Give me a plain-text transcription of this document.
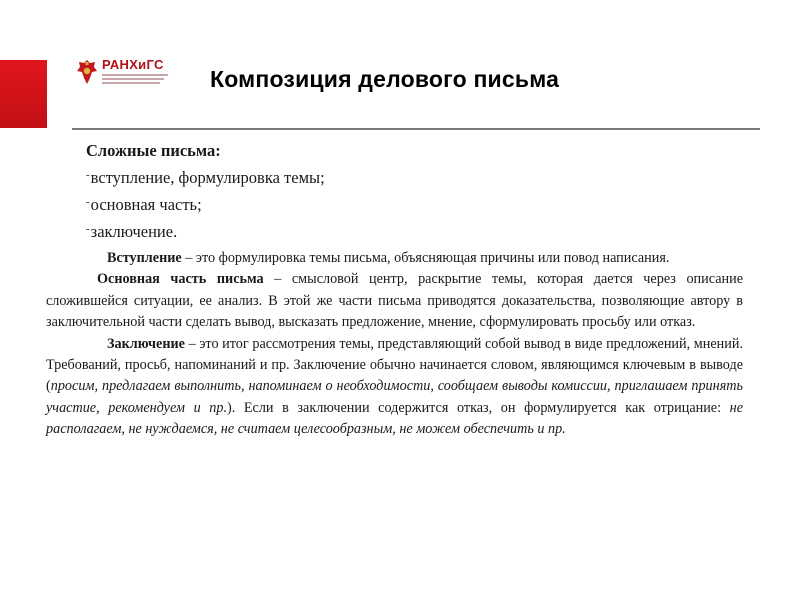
РАНХиГС
Композиция делового письма
Сложные письма:
-вступление, формулировка темы;
-основная часть;
-заключение.

Вступление – это формулировка темы письма, объясняющая причины или повод написания.

Основная часть письма – смысловой центр, раскрытие темы, которая дается через описание сложившейся ситуации, ее анализ. В этой же части письма приводятся доказательства, позволяющие автору в заключительной части сделать вывод, высказать предложение, мнение, сформулировать просьбу или отказ.

Заключение – это итог рассмотрения темы, представляющий собой вывод в виде предложений, мнений. Требований, просьб, напоминаний и пр. Заключение обычно начинается словом, являющимся ключевым в выводе (просим, предлагаем выполнить, напоминаем о необходимости, сообщаем выводы комиссии, приглашаем принять участие, рекомендуем и пр.). Если в заключении содержится отказ, он формулируется как отрицание: не располагаем, не нуждаемся, не считаем целесообразным, не можем обеспечить и пр.
